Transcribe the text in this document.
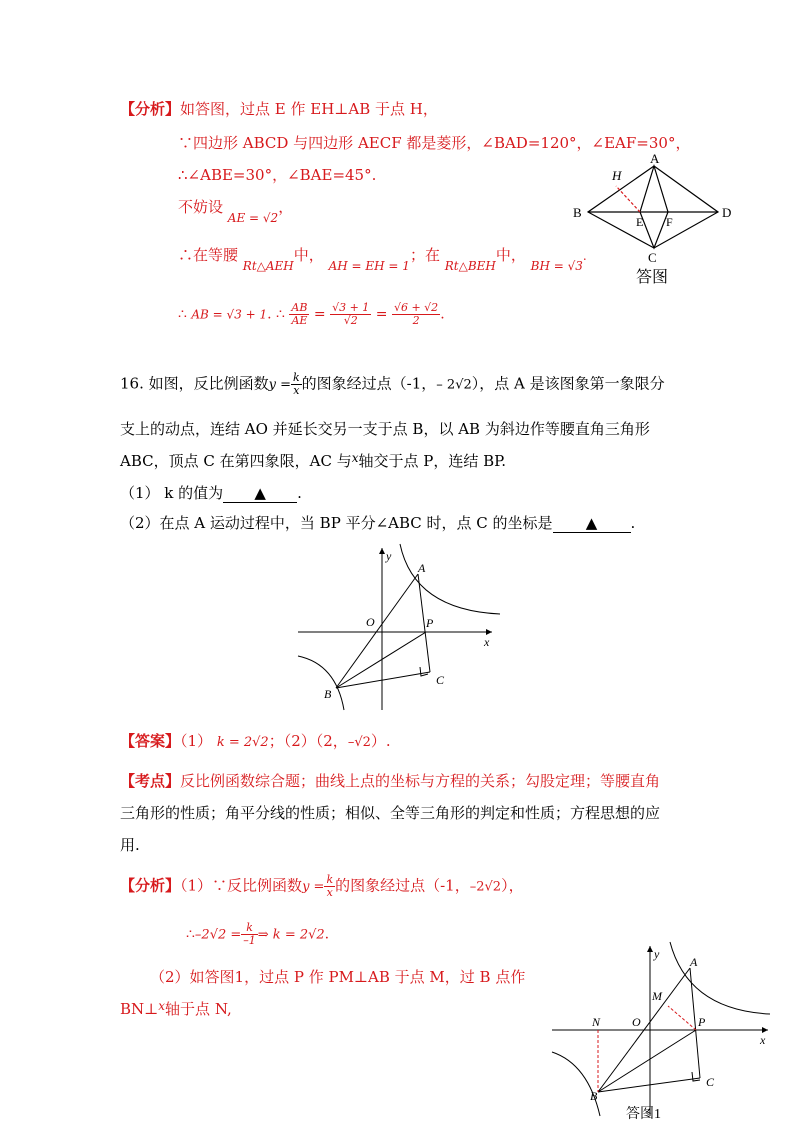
【分析】如答图，过点 E 作 EH⊥AB 于点 H，
∵四边形 ABCD 与四边形 AECF 都是菱形，∠BAD=120°，∠EAF=30°，
∴∠ABE=30°，∠BAE=45°.
不妨设 $_{AE = √2}$，
∴在等腰 $_{Rt\triangle AEH}$中， $_{AH = EH = 1}$；在 $_{Rt\triangle BEH}$中， $_{BH = √3}$.
∴ AB = √3 + 1. ∴ $\frac{AB}{AE} = \frac{√3 + 1}{√2} = \frac{√6 + √2}{2}$ .
A
H
B	D
E F
C
答图
16. 如图，反比例函数$y = \frac{k}{x}$ 的图象经过点（-1，– 2√2），点 A 是该图象第一象限分
支上的动点，连结 AO 并延长交另一支于点 B，以 AB 为斜边作等腰直角三角形
ABC，顶点 C 在第四象限，AC 与$^x$轴交于点 P，连结 BP.
（1） k 的值为 ▲ .
（2）在点 A 运动过程中，当 BP 平分∠ABC 时，点 C 的坐标是 ▲ .
y
x
A
O	P
B
C
【答案】（1） k = 2√2；（2）（2，–√2）.
【考点】反比例函数综合题；曲线上点的坐标与方程的关系；勾股定理；等腰直角
三角形的性质；角平分线的性质；相似、全等三角形的判定和性质；方程思想的应
用.
【分析】（1）∵反比例函数$y = \frac{k}{x}$ 的图象经过点（-1，–2√2），
∴–2√2 = $\frac{k}{-1}$ ⇒ k = 2√2.
（2）如答图1，过点 P 作 PM⊥AB 于点 M，过 B 点作
BN⊥$^x$轴于点 N,
y
x
A
M
N	O	P
B
C
答图1
